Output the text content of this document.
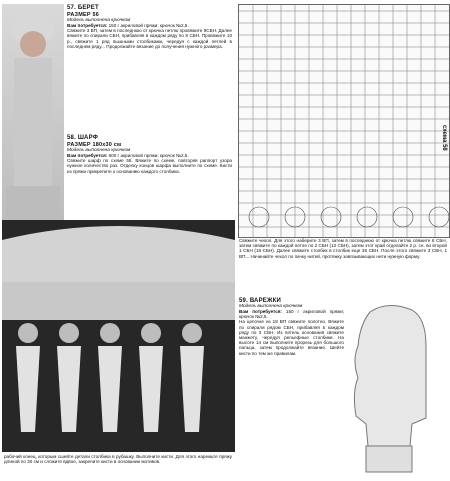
57. БЕРЕТ
РАЗМЕР 56
Модель выполнена крючком
Вам потребуется: 150 г акриловой пряжи; крючок №2,5.
Свяжите 3 ВП, затем в последнюю от крючка петлю провяжите 9СБН. Далее вяжите по спирали СБН, прибавляя в каждом ряду по 8 СБН. Провяжите 10 р., свяжите 1 ряд пышными столбиками, чередуя с каждой петлей в последнем ряду... Продолжайте вязание до получения нужного размера.
58. ШАРФ
РАЗМЕР 180х30 см
Модель выполнена крючком
Вам потребуется: 600 г акриловой пряжи; крючок №2,5.
Свяжите шарф по схеме 58. Вяжите по схеме, повторяя раппорт узора нужное количество раз. Отделку концов шарфа выполните по схеме. Кисти из пряжи прикрепите к основанию каждого столбика.
рабочий конец, которым сшейте детали столбика в рубашку. Выполните кисти. Для этого нарежьте пряжу длиной по 30 см и сложите вдвое, закрепите кисти в основании мотивов.
схема 58
Свяжите чехол. Для этого наберите 3 ВП, затем в последнюю от крючка петлю свяжите 6 СБН, затем свяжите по каждой петле по 2 СБН (12 СБН), затем этот край отделайте 2 р. сн. во второй 1 СБН (18 СБН). Далее свяжите столбик в столбик еще 36 СБН. После этого свяжите 3 СБН, 1 ВП... Начинайте чехол по пачку нитей, протяжку завязывающих нити нужную форму.
59. ВАРЕЖКИ
Модель выполнена крючком
Вам потребуется: 150 г акриловой пряжи; крючок №2,5.
На цепочке из 18 ВП свяжите полотно. Вяжите по спирали рядом СБН, прибавляя в каждом ряду по 3 СБН. Из петель основания свяжите манжету, чередуя рельефные столбики. На высоте 14 см выполните прорезь для большого пальца, затем продолжайте вязание. Шейте кисти по тем же правилам.
